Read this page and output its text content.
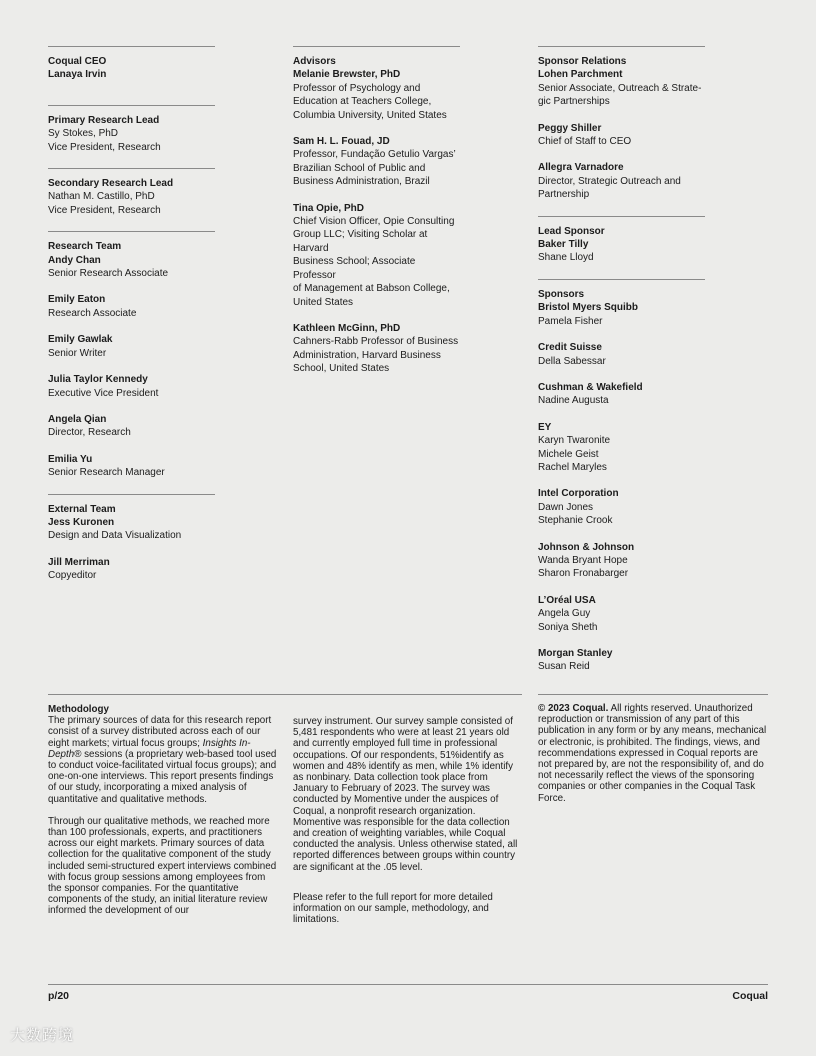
Coqual CEO
Lanaya Irvin
Primary Research Lead
Sy Stokes, PhD
Vice President, Research
Secondary Research Lead
Nathan M. Castillo, PhD
Vice President, Research
Research Team
Andy Chan
Senior Research Associate
Emily Eaton
Research Associate
Emily Gawlak
Senior Writer
Julia Taylor Kennedy
Executive Vice President
Angela Qian
Director, Research
Emilia Yu
Senior Research Manager
External Team
Jess Kuronen
Design and Data Visualization
Jill Merriman
Copyeditor
Advisors
Melanie Brewster, PhD
Professor of Psychology and
Education at Teachers College,
Columbia University, United States
Sam H. L. Fouad, JD
Professor, Fundação Getulio Vargas’
Brazilian School of Public and
Business Administration, Brazil
Tina Opie, PhD
Chief Vision Officer, Opie Consulting
Group LLC; Visiting Scholar at Harvard
Business School; Associate Professor
of Management at Babson College,
United States
Kathleen McGinn, PhD
Cahners-Rabb Professor of Business
Administration, Harvard Business
School, United States
Sponsor Relations
Lohen Parchment
Senior Associate, Outreach & Strate-
gic Partnerships
Peggy Shiller
Chief of Staff to CEO
Allegra Varnadore
Director, Strategic Outreach and
Partnership
Lead Sponsor
Baker Tilly
Shane Lloyd
Sponsors
Bristol Myers Squibb
Pamela Fisher
Credit Suisse
Della Sabessar
Cushman & Wakefield
Nadine Augusta
EY
Karyn Twaronite
Michele Geist
Rachel Maryles
Intel Corporation
Dawn Jones
Stephanie Crook
Johnson & Johnson
Wanda Bryant Hope
Sharon Fronabarger
L’Oréal USA
Angela Guy
Soniya Sheth
Morgan Stanley
Susan Reid
Methodology

The primary sources of data for this research report consist of a survey distributed across each of our eight markets; virtual focus groups; Insights In-Depth® sessions (a proprietary web-based tool used to conduct voice-facilitated virtual focus groups); and one-on-one interviews. This report presents findings of our study, incorporating a mixed analysis of quantitative and qualitative methods.

Through our qualitative methods, we reached more than 100 professionals, experts, and practitioners across our eight markets. Primary sources of data collection for the qualitative component of the study included semi-structured expert interviews combined with focus group sessions among employees from the sponsor companies. For the quantitative components of the study, an initial literature review informed the development of our

survey instrument. Our survey sample consisted of 5,481 respondents who were at least 21 years old and currently employed full time in professional occupations. Of our respondents, 51%identify as women and 48% identify as men, while 1% identify as nonbinary. Data collection took place from January to February of 2023. The survey was conducted by Momentive under the auspices of Coqual, a nonprofit research organization. Momentive was responsible for the data collection and creation of weighting variables, while Coqual conducted the analysis. Unless otherwise stated, all reported differences between groups within country are significant at the .05 level.

Please refer to the full report for more detailed information on our sample, methodology, and limitations.

© 2023 Coqual. All rights reserved. Unauthorized reproduction or transmission of any part of this publication in any form or by any means, mechanical or electronic, is prohibited. The findings, views, and recommendations expressed in Coqual reports are not prepared by, are not the responsibility of, and do not necessarily reflect the views of the sponsoring companies or other companies in the Coqual Task Force.

p/20	Coqual
大数跨境
